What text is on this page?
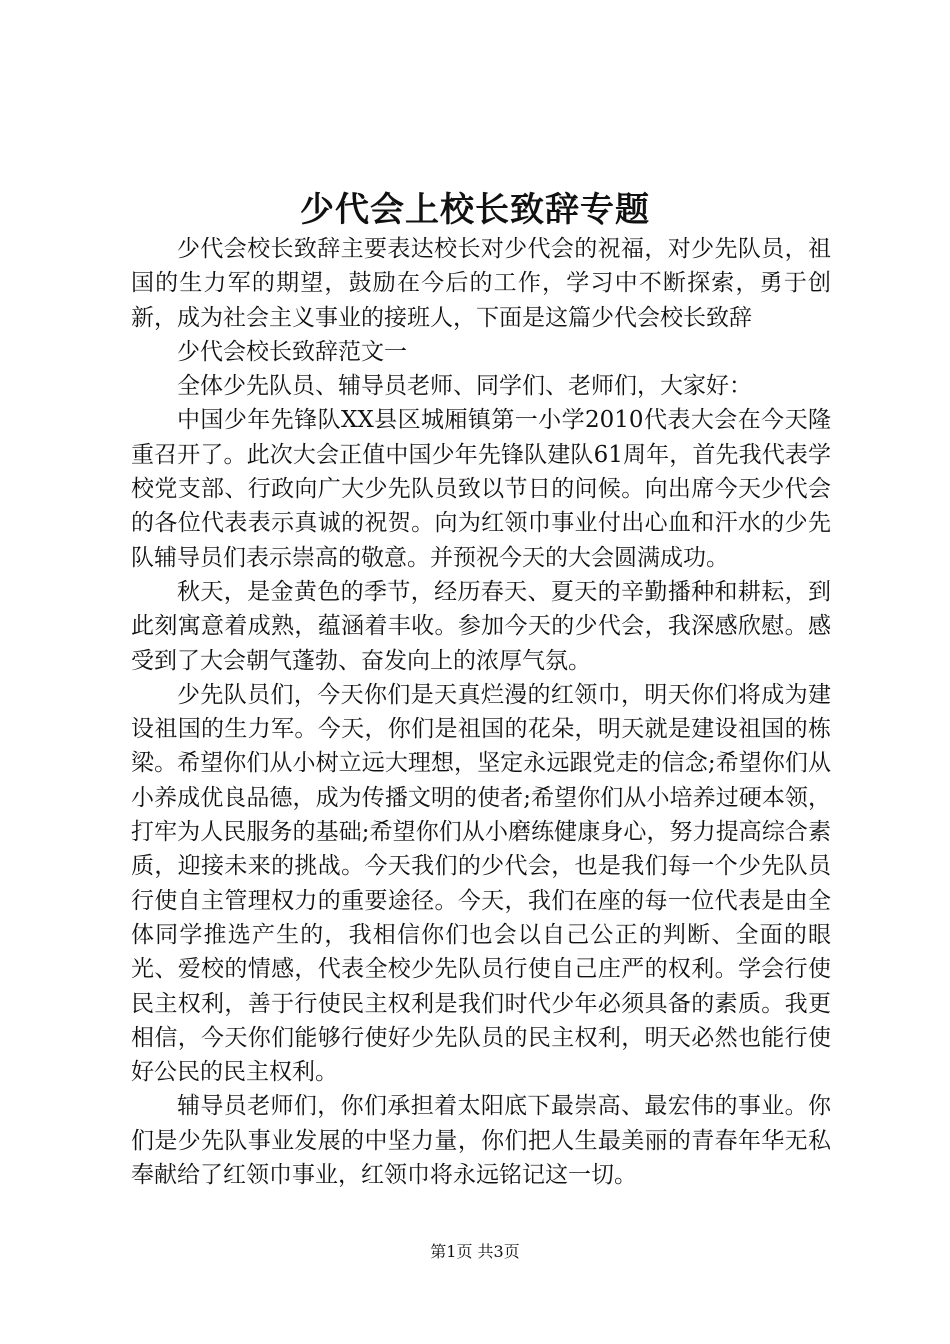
少代会上校长致辞专题

少代会校长致辞主要表达校长对少代会的祝福，对少先队员，祖国的生力军的期望，鼓励在今后的工作，学习中不断探索，勇于创新，成为社会主义事业的接班人，下面是这篇少代会校长致辞

少代会校长致辞范文一

全体少先队员、辅导员老师、同学们、老师们，大家好：

中国少年先锋队XX县区城厢镇第一小学2010代表大会在今天隆重召开了。此次大会正值中国少年先锋队建队61周年，首先我代表学校党支部、行政向广大少先队员致以节日的问候。向出席今天少代会的各位代表表示真诚的祝贺。向为红领巾事业付出心血和汗水的少先队辅导员们表示崇高的敬意。并预祝今天的大会圆满成功。

秋天，是金黄色的季节，经历春天、夏天的辛勤播种和耕耘，到此刻寓意着成熟，蕴涵着丰收。参加今天的少代会，我深感欣慰。感受到了大会朝气蓬勃、奋发向上的浓厚气氛。

少先队员们，今天你们是天真烂漫的红领巾，明天你们将成为建设祖国的生力军。今天，你们是祖国的花朵，明天就是建设祖国的栋梁。希望你们从小树立远大理想，坚定永远跟党走的信念;希望你们从小养成优良品德，成为传播文明的使者;希望你们从小培养过硬本领，打牢为人民服务的基础;希望你们从小磨练健康身心，努力提高综合素质，迎接未来的挑战。今天我们的少代会，也是我们每一个少先队员行使自主管理权力的重要途径。今天，我们在座的每一位代表是由全体同学推选产生的，我相信你们也会以自己公正的判断、全面的眼光、爱校的情感，代表全校少先队员行使自己庄严的权利。学会行使民主权利，善于行使民主权利是我们时代少年必须具备的素质。我更相信，今天你们能够行使好少先队员的民主权利，明天必然也能行使好公民的民主权利。

辅导员老师们，你们承担着太阳底下最崇高、最宏伟的事业。你们是少先队事业发展的中坚力量，你们把人生最美丽的青春年华无私奉献给了红领巾事业，红领巾将永远铭记这一切。

第1页 共3页
